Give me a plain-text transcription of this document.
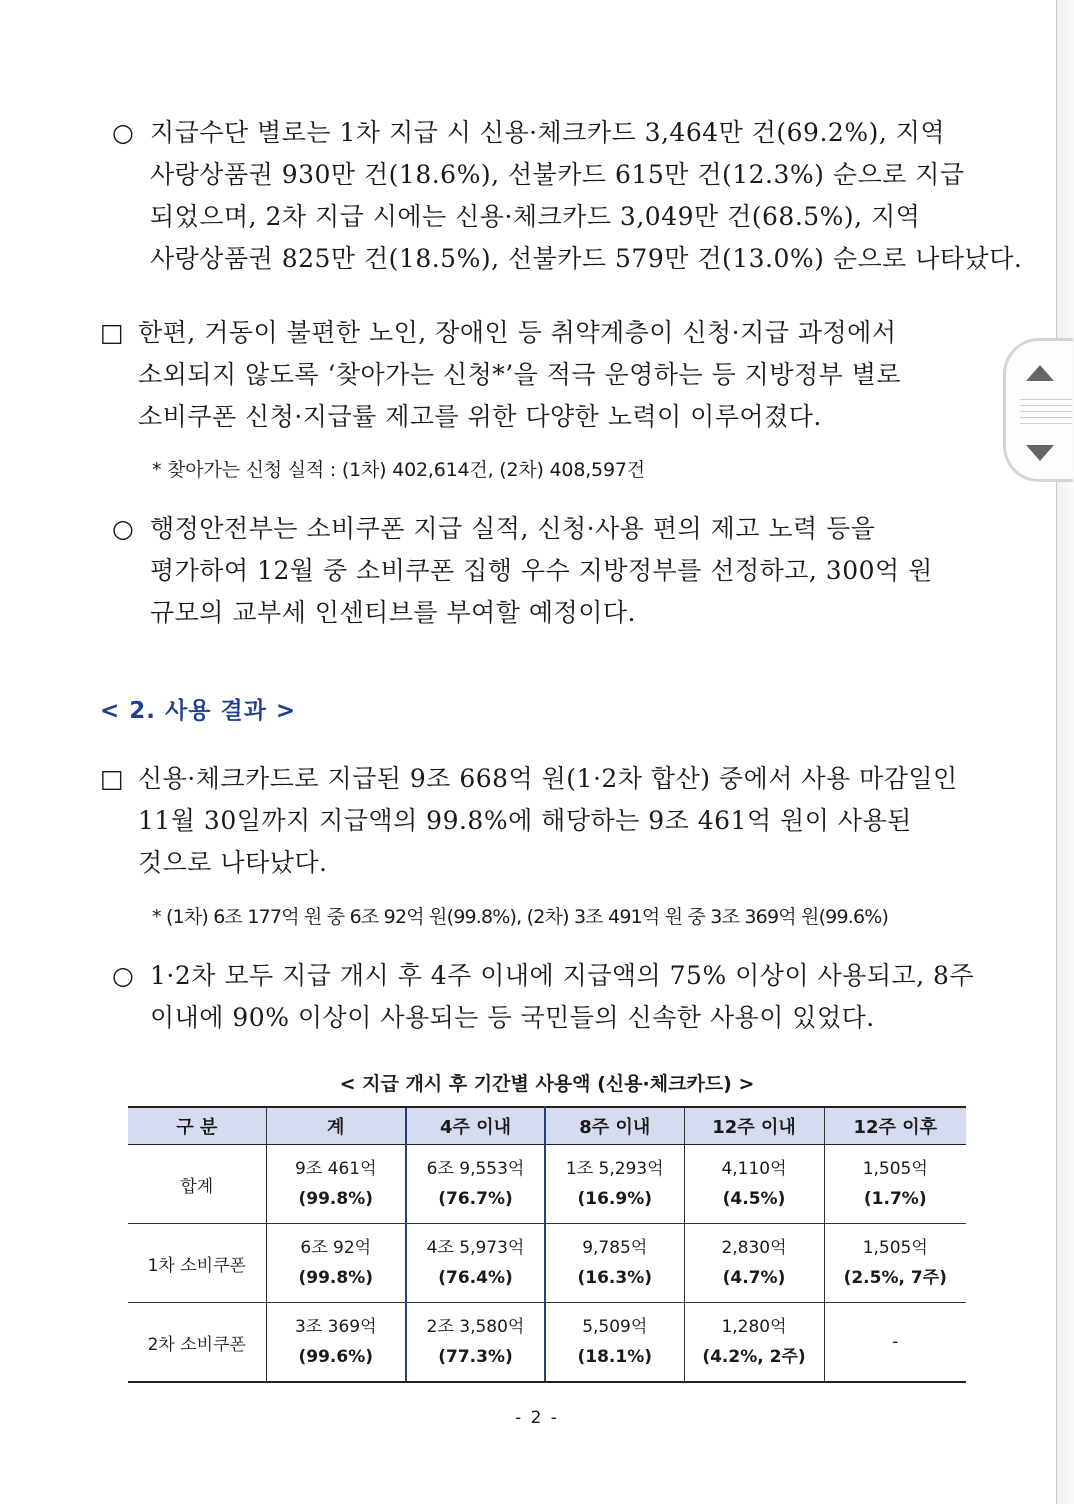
○ 지급수단 별로는 1차 지급 시 신용·체크카드 3,464만 건(69.2%), 지역
사랑상품권 930만 건(18.6%), 선불카드 615만 건(12.3%) 순으로 지급
되었으며, 2차 지급 시에는 신용·체크카드 3,049만 건(68.5%), 지역
사랑상품권 825만 건(18.5%), 선불카드 579만 건(13.0%) 순으로 나타났다.
□ 한편, 거동이 불편한 노인, 장애인 등 취약계층이 신청·지급 과정에서
소외되지 않도록 ‘찾아가는 신청*’을 적극 운영하는 등 지방정부 별로
소비쿠폰 신청·지급률 제고를 위한 다양한 노력이 이루어졌다.
* 찾아가는 신청 실적 : (1차) 402,614건, (2차) 408,597건
○ 행정안전부는 소비쿠폰 지급 실적, 신청·사용 편의 제고 노력 등을
평가하여 12월 중 소비쿠폰 집행 우수 지방정부를 선정하고, 300억 원
규모의 교부세 인센티브를 부여할 예정이다.
< 2. 사용 결과 >
□ 신용·체크카드로 지급된 9조 668억 원(1·2차 합산) 중에서 사용 마감일인
11월 30일까지 지급액의 99.8%에 해당하는 9조 461억 원이 사용된
것으로 나타났다.
* (1차) 6조 177억 원 중 6조 92억 원(99.8%), (2차) 3조 491억 원 중 3조 369억 원(99.6%)
○ 1·2차 모두 지급 개시 후 4주 이내에 지급액의 75% 이상이 사용되고, 8주
이내에 90% 이상이 사용되는 등 국민들의 신속한 사용이 있었다.
< 지급 개시 후 기간별 사용액 (신용·체크카드) >
구 분	계	4주 이내	8주 이내	12주 이내	12주 이후
합계	9조 461억
(99.8%)	6조 9,553억
(76.7%)	1조 5,293억
(16.9%)	4,110억
(4.5%)	1,505억
(1.7%)

1차 소비쿠폰	6조 92억
(99.8%)	4조 5,973억
(76.4%)	9,785억
(16.3%)	2,830억
(4.7%)	1,505억
(2.5%, 7주)

2차 소비쿠폰	3조 369억
(99.6%)	2조 3,580억
(77.3%)	5,509억
(18.1%)	1,280억
(4.2%, 2주)	-
- 2 -
